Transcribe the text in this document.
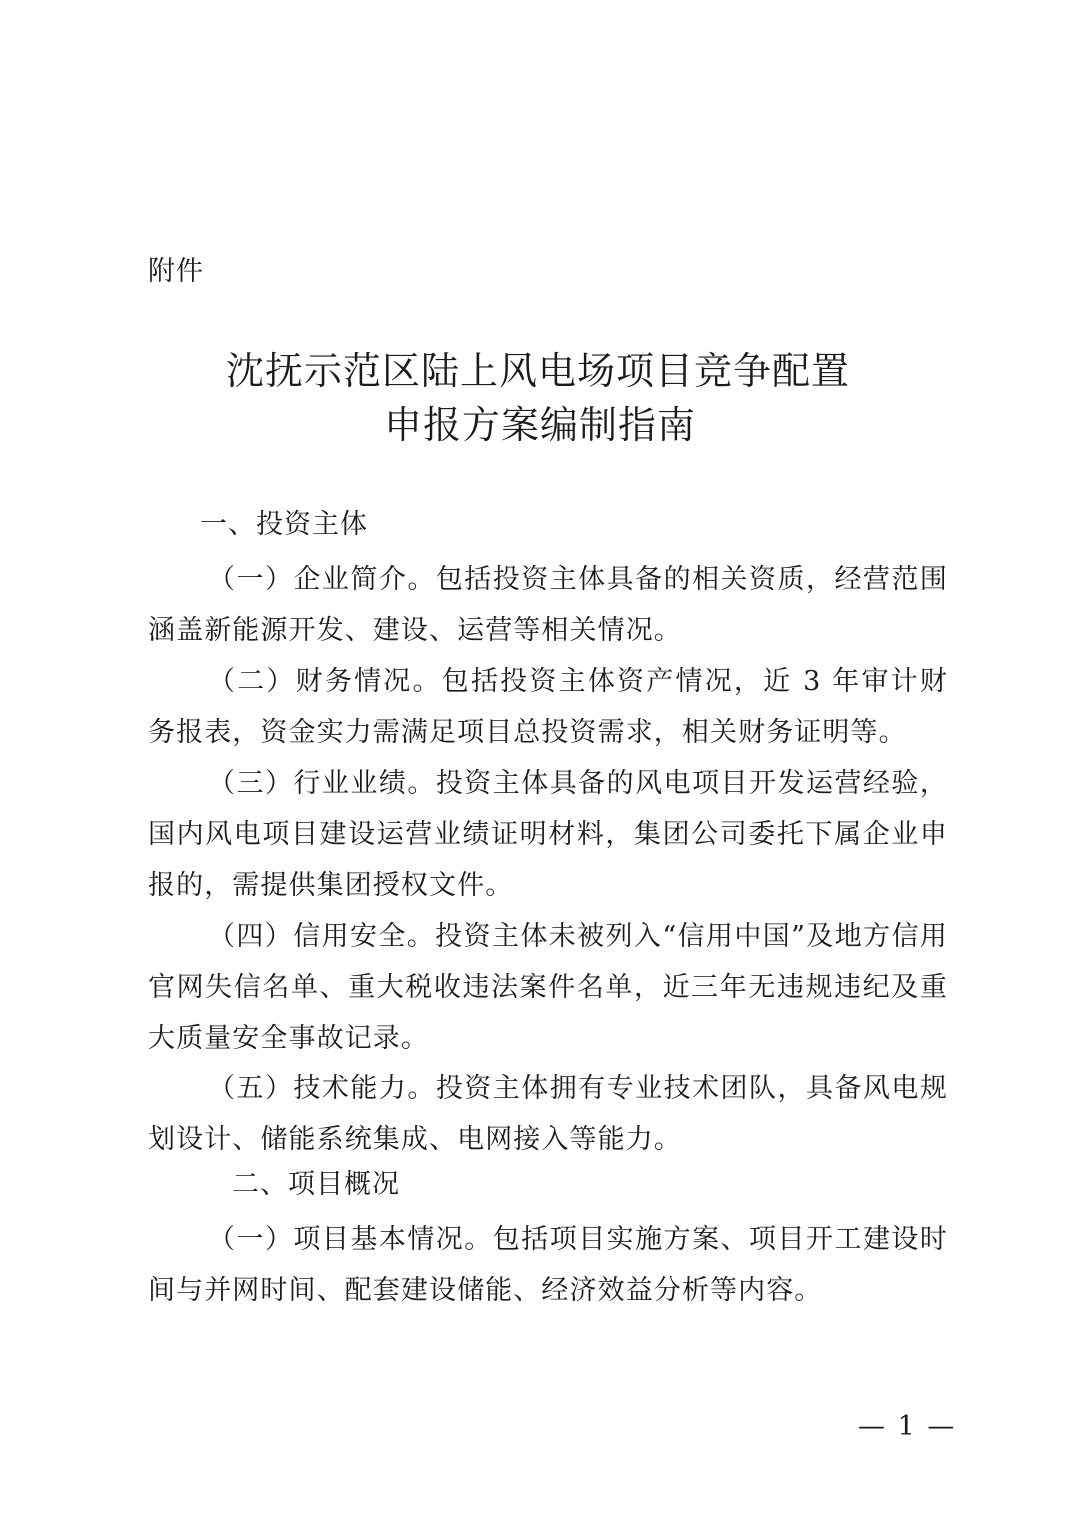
附件
沈抚示范区陆上风电场项目竞争配置
申报方案编制指南
一、投资主体
（一）企业简介。包括投资主体具备的相关资质，经营范围涵盖新能源开发、建设、运营等相关情况。
（二）财务情况。包括投资主体资产情况，近 3 年审计财务报表，资金实力需满足项目总投资需求，相关财务证明等。
（三）行业业绩。投资主体具备的风电项目开发运营经验，国内风电项目建设运营业绩证明材料，集团公司委托下属企业申报的，需提供集团授权文件。
（四）信用安全。投资主体未被列入“信用中国”及地方信用官网失信名单、重大税收违法案件名单，近三年无违规违纪及重大质量安全事故记录。
（五）技术能力。投资主体拥有专业技术团队，具备风电规划设计、储能系统集成、电网接入等能力。
二、项目概况
（一）项目基本情况。包括项目实施方案、项目开工建设时间与并网时间、配套建设储能、经济效益分析等内容。
— 1 —
